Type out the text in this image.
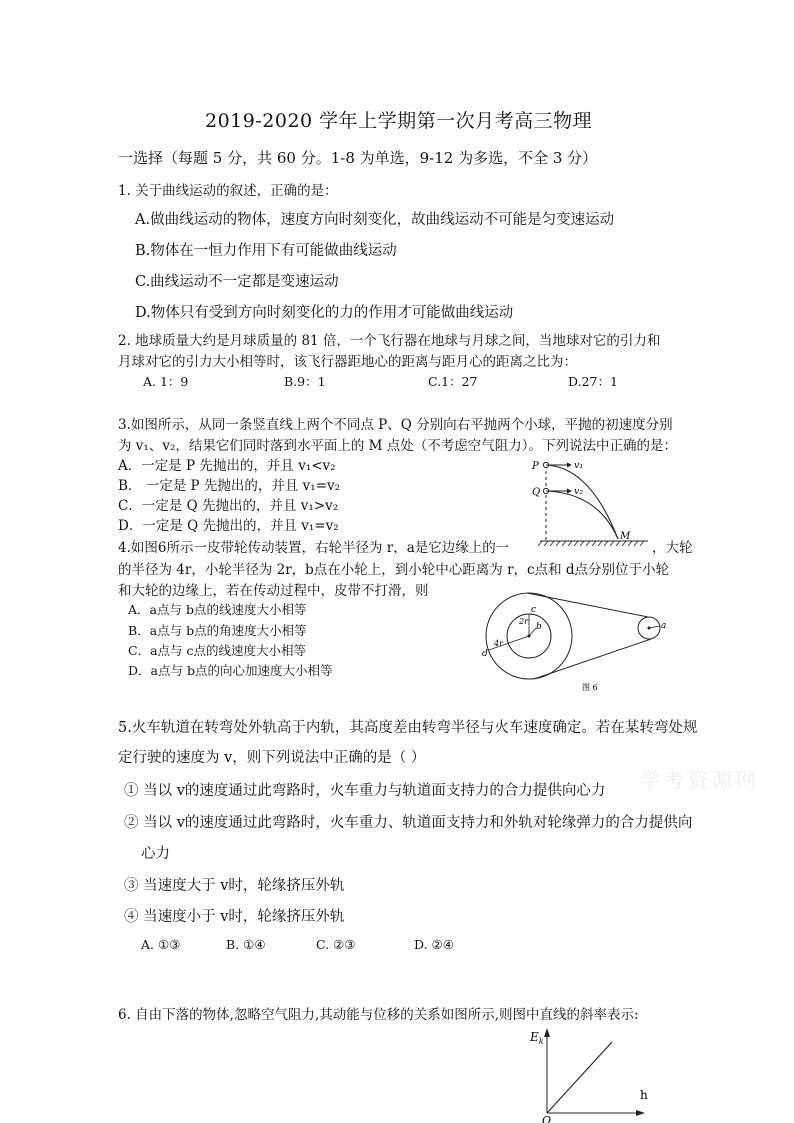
2019-2020 学年上学期第一次月考高三物理
一选择（每题 5 分，共 60 分。1-8 为单选，9-12 为多选，不全 3 分）
1. 关于曲线运动的叙述，正确的是：
A.做曲线运动的物体，速度方向时刻变化，故曲线运动不可能是匀变速运动
B.物体在一恒力作用下有可能做曲线运动
C.曲线运动不一定都是变速运动
D.物体只有受到方向时刻变化的力的作用才可能做曲线运动
2. 地球质量大约是月球质量的 81 倍，一个飞行器在地球与月球之间，当地球对它的引力和
月球对它的引力大小相等时，该飞行器距地心的距离与距月心的距离之比为：
A. 1：9	B.9：1	C.1：27	D.27：1
3.如图所示，从同一条竖直线上两个不同点 P、Q 分别向右平抛两个小球，平抛的初速度分别
为 v₁、v₂，结果它们同时落到水平面上的 M 点处（不考虑空气阻力）。下列说法中正确的是：
A．一定是 P 先抛出的，并且 v₁<v₂
B． 一定是 P 先抛出的，并且 v₁=v₂
C．一定是 Q 先抛出的，并且 v₁>v₂
D．一定是 Q 先抛出的，并且 v₁=v₂
P
Q
v₁
v₂
M
4.如图6所示一皮带轮传动装置，右轮半径为 r，a是它边缘上的一	，大轮
的半径为 4r，小轮半径为 2r，b点在小轮上，到小轮中心距离为 r，c点和 d点分别位于小轮
和大轮的边缘上，若在传动过程中，皮带不打滑，则
A．a点与 b点的线速度大小相等
B．a点与 b点的角速度大小相等
C．a点与 c点的线速度大小相等
D．a点与 b点的向心加速度大小相等
c
2r
b
4r
d
a
图 6
5.火车轨道在转弯处外轨高于内轨，其高度差由转弯半径与火车速度确定。若在某转弯处规
定行驶的速度为 v，则下列说法中正确的是（ ）
① 当以 v的速度通过此弯路时，火车重力与轨道面支持力的合力提供向心力
② 当以 v的速度通过此弯路时，火车重力、轨道面支持力和外轨对轮缘弹力的合力提供向
心力
③ 当速度大于 v时，轮缘挤压外轨
④ 当速度小于 v时，轮缘挤压外轨
A. ①③	B. ①④	C. ②③	D. ②④
学考资源网
6. 自由下落的物体,忽略空气阻力,其动能与位移的关系如图所示,则图中直线的斜率表示:
$E_k$
h
O
